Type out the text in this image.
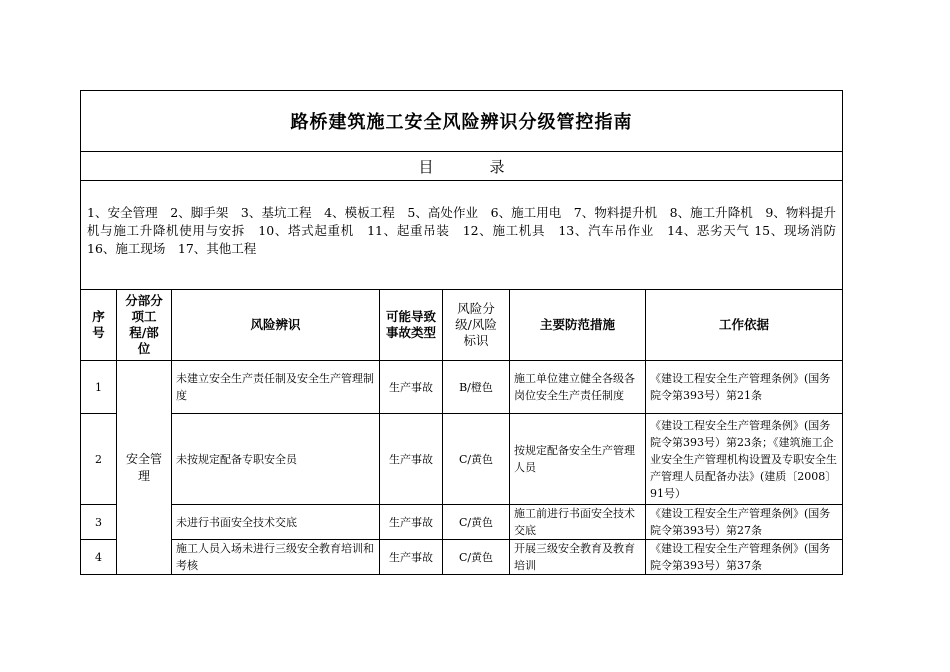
路桥建筑施工安全风险辨识分级管控指南						
目 录						
1、安全管理　2、脚手架　3、基坑工程　4、模板工程　5、高处作业　6、施工用电　7、物料提升机　8、施工升降机　9、物料提升机与施工升降机使用与安拆　10、塔式起重机　11、起重吊装　12、施工机具　13、汽车吊作业　14、恶劣天气 15、现场消防　16、施工现场　17、其他工程						
序号	分部分项工程/部位	风险辨识	可能导致事故类型	风险分级/风险标识	主要防范措施	工作依据
1	安全管理	未建立安全生产责任制及安全生产管理制度	生产事故	B/橙色	施工单位建立健全各级各岗位安全生产责任制度	《建设工程安全生产管理条例》(国务院令第393号）第21条
2		未按规定配备专职安全员	生产事故	C/黄色	按规定配备安全生产管理人员	《建设工程安全生产管理条例》(国务院令第393号）第23条；《建筑施工企业安全生产管理机构设置及专职安全生产管理人员配备办法》(建质〔2008〕91号）
3		未进行书面安全技术交底	生产事故	C/黄色	施工前进行书面安全技术交底	《建设工程安全生产管理条例》(国务院令第393号）第27条
4		施工人员入场未进行三级安全教育培训和考核	生产事故	C/黄色	开展三级安全教育及教育培训	《建设工程安全生产管理条例》(国务院令第393号）第37条
